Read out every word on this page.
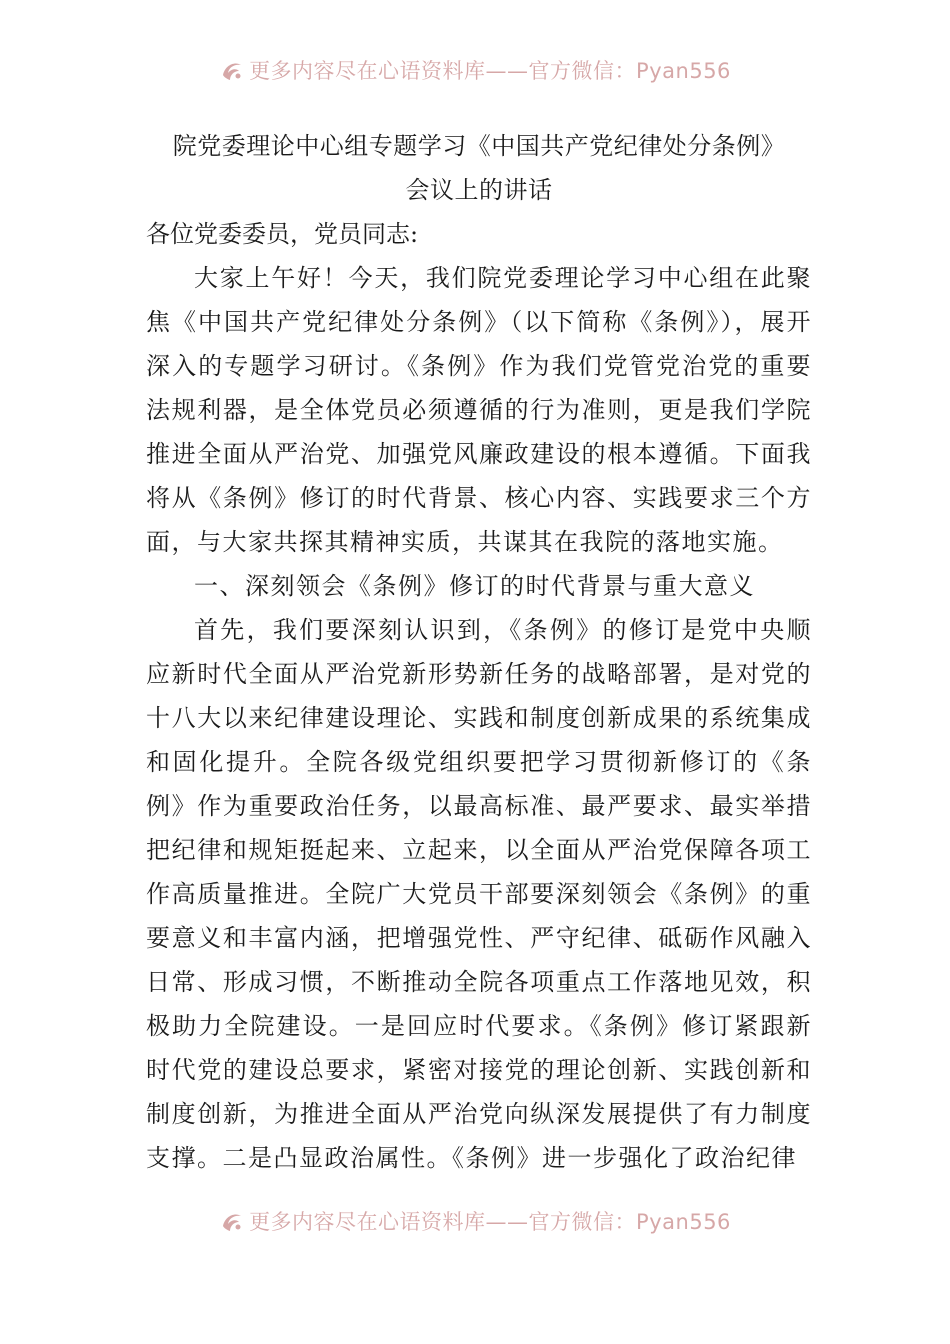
更多内容尽在心语资料库——官方微信：Pyan556

院党委理论中心组专题学习《中国共产党纪律处分条例》

会议上的讲话

各位党委委员，党员同志:

大家上午好！今天，我们院党委理论学习中心组在此聚焦《中国共产党纪律处分条例》（以下简称《条例》），展开深入的专题学习研讨。《条例》作为我们党管党治党的重要法规利器，是全体党员必须遵循的行为准则，更是我们学院推进全面从严治党、加强党风廉政建设的根本遵循。下面我将从《条例》修订的时代背景、核心内容、实践要求三个方面，与大家共探其精神实质，共谋其在我院的落地实施。

一、深刻领会《条例》修订的时代背景与重大意义

首先，我们要深刻认识到，《条例》的修订是党中央顺应新时代全面从严治党新形势新任务的战略部署，是对党的十八大以来纪律建设理论、实践和制度创新成果的系统集成和固化提升。全院各级党组织要把学习贯彻新修订的《条例》作为重要政治任务，以最高标准、最严要求、最实举措把纪律和规矩挺起来、立起来，以全面从严治党保障各项工作高质量推进。全院广大党员干部要深刻领会《条例》的重要意义和丰富内涵，把增强党性、严守纪律、砥砺作风融入日常、形成习惯，不断推动全院各项重点工作落地见效，积极助力全院建设。一是回应时代要求。《条例》修订紧跟新时代党的建设总要求，紧密对接党的理论创新、实践创新和制度创新，为推进全面从严治党向纵深发展提供了有力制度支撑。二是凸显政治属性。《条例》进一步强化了政治纪律

更多内容尽在心语资料库——官方微信：Pyan556
